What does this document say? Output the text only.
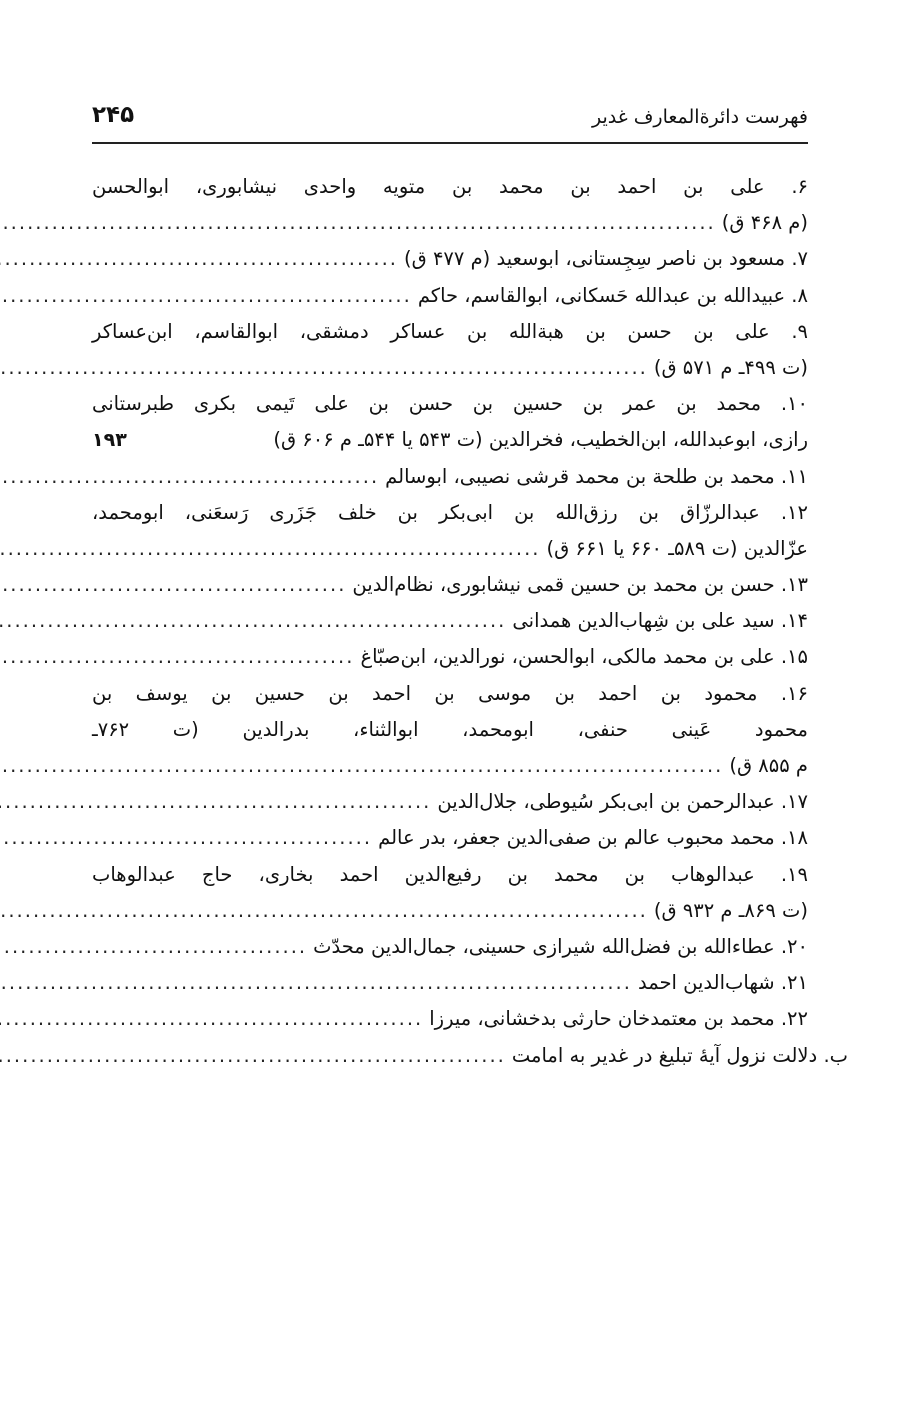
۲۴۵	فهرست دائرةالمعارف غدیر
۶. علی بن احمد بن محمد بن متویه واحدی نیشابوری، ابوالحسن
(م ۴۶۸ ق)
.....
۷. مسعود بن ناصر سِجِستانی، ابوسعید (م ۴۷۷ ق)
.....
۸. عبیدالله بن عبدالله حَسکانی، ابوالقاسم، حاکم
.....
۹. علی بن حسن بن هبةالله بن عساکر دمشقی، ابوالقاسم، ابن‌عساکر
(ت ۴۹۹ـ م ۵۷۱ ق)
.....
۱۰. محمد بن عمر بن حسین بن حسن بن علی تَیمی بکری طبرستانی
رازی، ابوعبدالله، ابن‌الخطیب، فخرالدین (ت ۵۴۳ یا ۵۴۴ـ م ۶۰۶ ق)
۱۹۳
۱۱. محمد بن طلحة بن محمد قرشی نصیبی، ابوسالم
.....
۱۲. عبدالرزّاق بن رزق‌الله بن ابی‌بکر بن خلف جَزَری رَسعَنی، ابومحمد،
عزّالدین (ت ۵۸۹ـ ۶۶۰ یا ۶۶۱ ق)
.....
۱۳. حسن بن محمد بن حسین قمی نیشابوری، نظام‌الدین
.....
۱۴. سید علی بن شِهاب‌الدین همدانی
.....
۱۵. علی بن محمد مالکی، ابوالحسن، نورالدین، ابن‌صبّاغ
.....
۱۶. محمود بن احمد بن موسی بن احمد بن حسین بن یوسف بن
محمود عَینی حنفی، ابومحمد، ابوالثناء، بدرالدین (ت ۷۶۲ـ
م ۸۵۵ ق)
.....
۱۷. عبدالرحمن بن ابی‌بکر سُیوطی، جلال‌الدین
.....
۱۸. محمد محبوب عالم بن صفی‌الدین جعفر، بدر عالم
.....
۱۹. عبدالوهاب بن محمد بن رفیع‌الدین احمد بخاری، حاج عبدالوهاب
(ت ۸۶۹ـ م ۹۳۲ ق)
.....
۲۰. عطاءالله بن فضل‌الله شیرازی حسینی، جمال‌الدین محدّث
.....
۲۱. شهاب‌الدین احمد
.....
۲۲. محمد بن معتمدخان حارثی بدخشانی، میرزا
.....
ب. دلالت نزول آیهٔ تبلیغ در غدیر به امامت
.....
